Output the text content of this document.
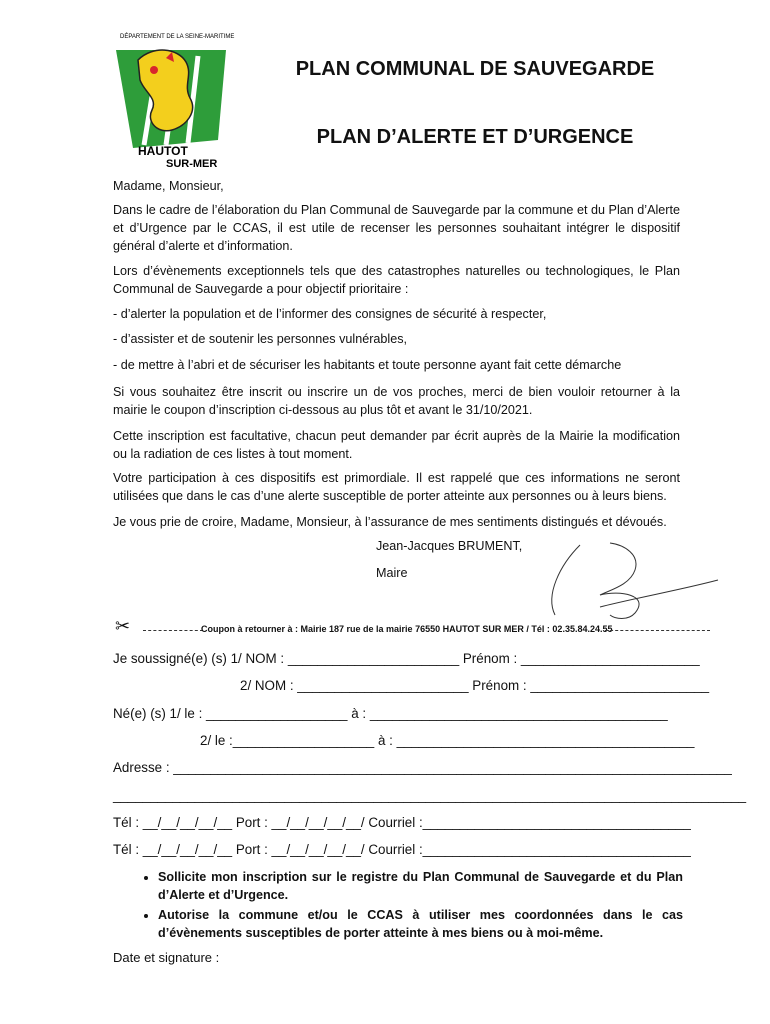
DÉPARTEMENT DE LA SEINE-MARITIME
HAUTOT
SUR-MER
PLAN COMMUNAL DE SAUVEGARDE
PLAN D’ALERTE ET D’URGENCE
Madame, Monsieur,
Dans le cadre de l’élaboration du Plan Communal de Sauvegarde par la commune et du Plan d’Alerte et d’Urgence par le CCAS, il est utile de recenser les personnes souhaitant intégrer le dispositif général d’alerte et d’information.
Lors d’évènements exceptionnels tels que des catastrophes naturelles ou technologiques, le Plan Communal de Sauvegarde a pour objectif prioritaire :
- d’alerter la population et de l’informer des consignes de sécurité à respecter,
- d’assister et de soutenir les personnes vulnérables,
- de mettre à l’abri et de sécuriser les habitants et toute personne ayant fait cette démarche
Si vous souhaitez être inscrit ou inscrire un de vos proches, merci de bien vouloir retourner à la mairie le coupon d’inscription ci-dessous au plus tôt et avant le 31/10/2021.
Cette inscription est facultative, chacun peut demander par écrit auprès de la Mairie la modification ou la radiation de ces listes à tout moment.
Votre participation à ces dispositifs est primordiale. Il est rappelé que ces informations ne seront utilisées que dans le cas d’une alerte susceptible de porter atteinte aux personnes ou à leurs biens.
Je vous prie de croire, Madame, Monsieur, à l’assurance de mes sentiments distingués et dévoués.
Jean-Jacques BRUMENT,
Maire
✂	Coupon à retourner à : Mairie 187 rue de la mairie 76550 HAUTOT SUR MER / Tél : 02.35.84.24.55
Je soussigné(e) (s) 1/ NOM : _______________________ Prénom : ________________________
2/ NOM : _______________________ Prénom : ________________________
Né(e) (s) 1/ le : ___________________ à : ________________________________________
2/ le :___________________ à : ________________________________________
Adresse : ___________________________________________________________________________
_____________________________________________________________________________________
Tél : __/__/__/__/__ Port : __/__/__/__/__/ Courriel :____________________________________
Tél : __/__/__/__/__ Port : __/__/__/__/__/ Courriel :____________________________________
• Sollicite mon inscription sur le registre du Plan Communal de Sauvegarde et du Plan d’Alerte et d’Urgence.
• Autorise la commune et/ou le CCAS à utiliser mes coordonnées dans le cas d’évènements susceptibles de porter atteinte à mes biens ou à moi-même.
Date et signature :
